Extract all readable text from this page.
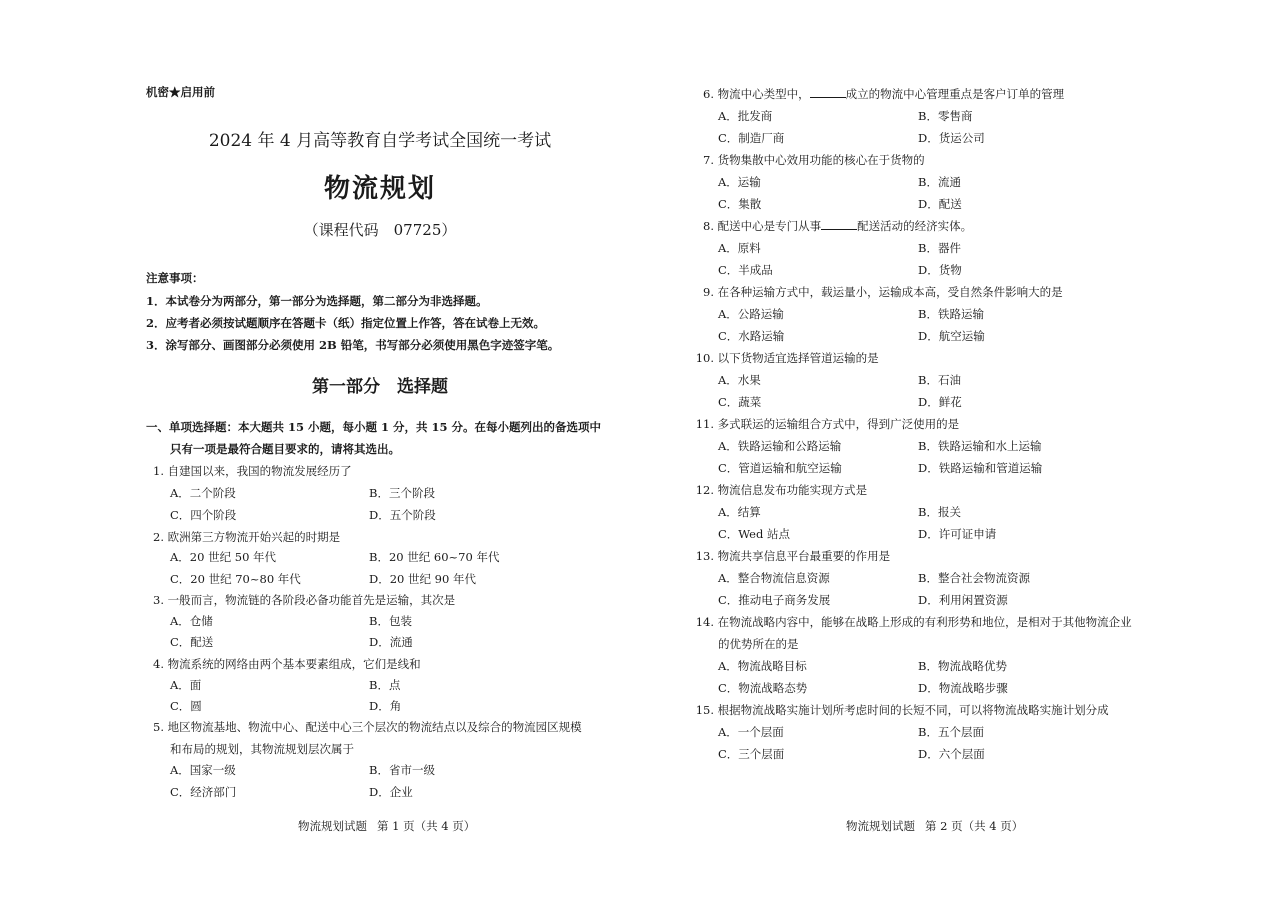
机密★启用前
2024 年 4 月高等教育自学考试全国统一考试
物流规划
（课程代码　07725）
注意事项：
1．本试卷分为两部分，第一部分为选择题，第二部分为非选择题。
2．应考者必须按试题顺序在答题卡（纸）指定位置上作答，答在试卷上无效。
3．涂写部分、画图部分必须使用 2B 铅笔，书写部分必须使用黑色字迹签字笔。
第一部分　选择题
一、单项选择题：本大题共 15 小题，每小题 1 分，共 15 分。在每小题列出的备选项中
只有一项是最符合题目要求的，请将其选出。
1. 自建国以来，我国的物流发展经历了
A．二个阶段	B．三个阶段
C．四个阶段	D．五个阶段
2. 欧洲第三方物流开始兴起的时期是
A．20 世纪 50 年代	B．20 世纪 60~70 年代
C．20 世纪 70~80 年代	D．20 世纪 90 年代
3. 一般而言，物流链的各阶段必备功能首先是运输，其次是
A．仓储	B．包装
C．配送	D．流通
4. 物流系统的网络由两个基本要素组成，它们是线和
A．面	B．点
C．圆	D．角
5. 地区物流基地、物流中心、配送中心三个层次的物流结点以及综合的物流园区规模
和布局的规划，其物流规划层次属于
A．国家一级	B．省市一级
C．经济部门	D．企业
物流规划试题 第 1 页（共 4 页）
6. 物流中心类型中，	成立的物流中心管理重点是客户订单的管理
A．批发商	B．零售商
C．制造厂商	D．货运公司
7. 货物集散中心效用功能的核心在于货物的
A．运输	B．流通
C．集散	D．配送
8. 配送中心是专门从事	配送活动的经济实体。
A．原料	B．器件
C．半成品	D．货物
9. 在各种运输方式中，载运量小，运输成本高，受自然条件影响大的是
A．公路运输	B．铁路运输
C．水路运输	D．航空运输
10. 以下货物适宜选择管道运输的是
A．水果	B．石油
C．蔬菜	D．鲜花
11. 多式联运的运输组合方式中，得到广泛使用的是
A．铁路运输和公路运输	B．铁路运输和水上运输
C．管道运输和航空运输	D．铁路运输和管道运输
12. 物流信息发布功能实现方式是
A．结算	B．报关
C．Wed 站点	D．许可证申请
13. 物流共享信息平台最重要的作用是
A．整合物流信息资源	B．整合社会物流资源
C．推动电子商务发展	D．利用闲置资源
14. 在物流战略内容中，能够在战略上形成的有利形势和地位，是相对于其他物流企业
的优势所在的是
A．物流战略目标	B．物流战略优势
C．物流战略态势	D．物流战略步骤
15. 根据物流战略实施计划所考虑时间的长短不同，可以将物流战略实施计划分成
A．一个层面	B．五个层面
C．三个层面	D．六个层面
物流规划试题 第 2 页（共 4 页）
